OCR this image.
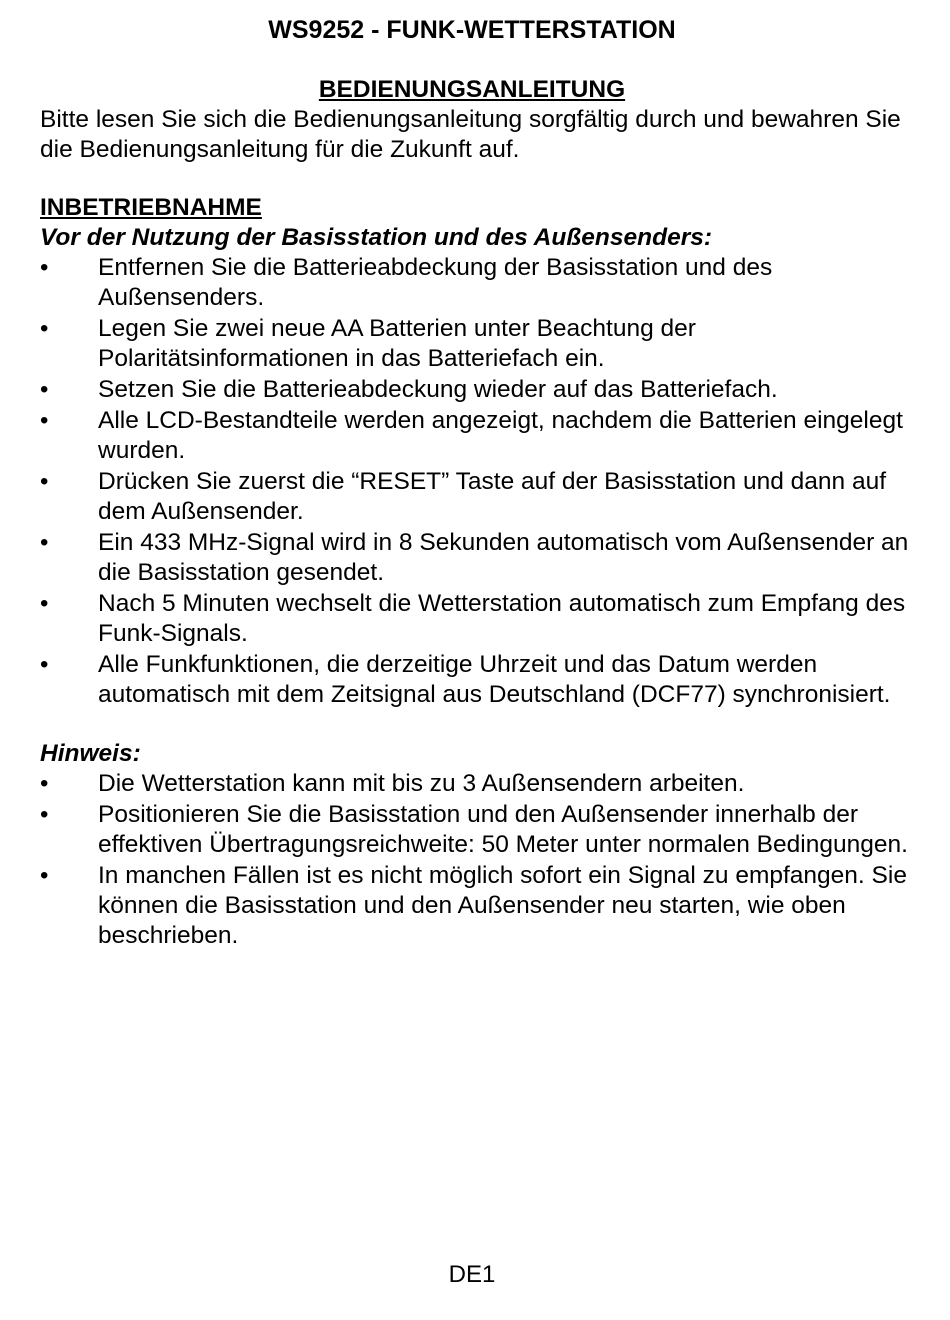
WS9252 - FUNK-WETTERSTATION

BEDIENUNGSANLEITUNG

Bitte lesen Sie sich die Bedienungsanleitung sorgfältig durch und bewahren Sie die Bedienungsanleitung für die Zukunft auf.

INBETRIEBNAHME

Vor der Nutzung der Basisstation und des Außensenders:

•	Entfernen Sie die Batterieabdeckung der Basisstation und des Außensenders.
•	Legen Sie zwei neue AA Batterien unter Beachtung der Polaritätsinformationen in das Batteriefach ein.
•	Setzen Sie die Batterieabdeckung wieder auf das Batteriefach.
•	Alle LCD-Bestandteile werden angezeigt, nachdem die Batterien eingelegt wurden.
•	Drücken Sie zuerst die “RESET” Taste auf der Basisstation und dann auf dem Außensender.
•	Ein 433 MHz-Signal wird in 8 Sekunden automatisch vom Außensender an die Basisstation gesendet.
•	Nach 5 Minuten wechselt die Wetterstation automatisch zum Empfang des Funk-Signals.
•	Alle Funkfunktionen, die derzeitige Uhrzeit und das Datum werden automatisch mit dem Zeitsignal aus Deutschland (DCF77) synchronisiert.

Hinweis:

•	Die Wetterstation kann mit bis zu 3 Außensendern arbeiten.
•	Positionieren Sie die Basisstation und den Außensender innerhalb der effektiven Übertragungsreichweite: 50 Meter unter normalen Bedingungen.
•	In manchen Fällen ist es nicht möglich sofort ein Signal zu empfangen. Sie können die Basisstation und den Außensender neu starten, wie oben beschrieben.
DE1
